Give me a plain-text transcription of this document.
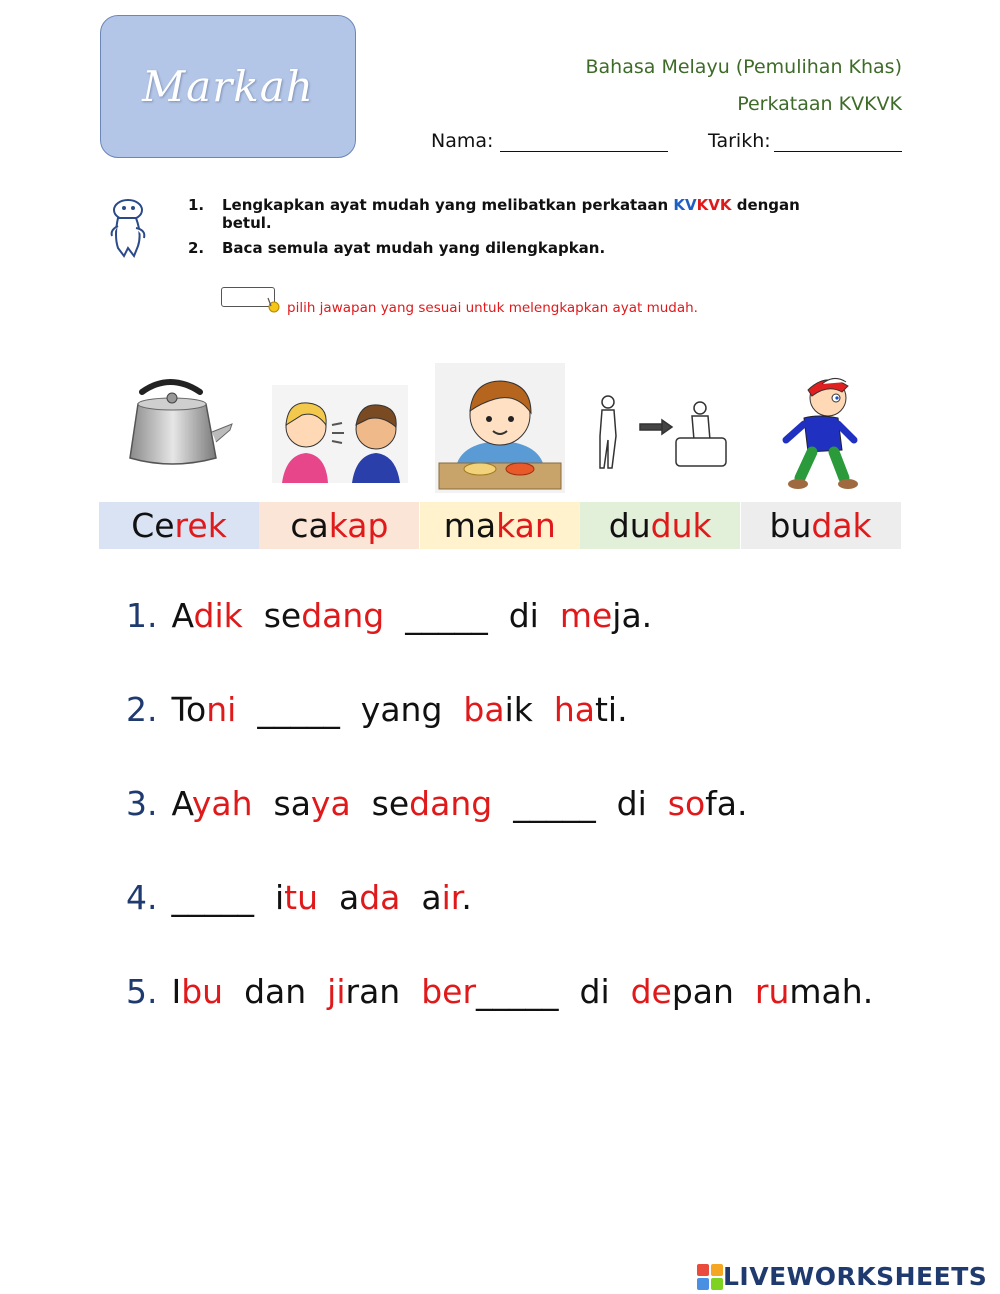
Markah	Bahasa Melayu (Pemulihan Khas)
Perkataan KVKVK
Nama:	Tarikh:
1.	Lengkapkan ayat mudah yang melibatkan perkataan KVKVK dengan betul.
2.	Baca semula ayat mudah yang dilengkapkan.
pilih jawapan yang sesuai untuk melengkapkan ayat mudah.
Ce rek ca kap ma kan du duk bu dak
1. Adik  sedang  _____  di  meja.
2. Toni  _____  yang  baik  hati.
3. Ayah  saya  sedang  _____  di  sofa.
4. _____  itu  ada  air.
5. Ibu  dan  jiran  ber_____  di  depan  rumah.
LIVEWORKSHEETS
